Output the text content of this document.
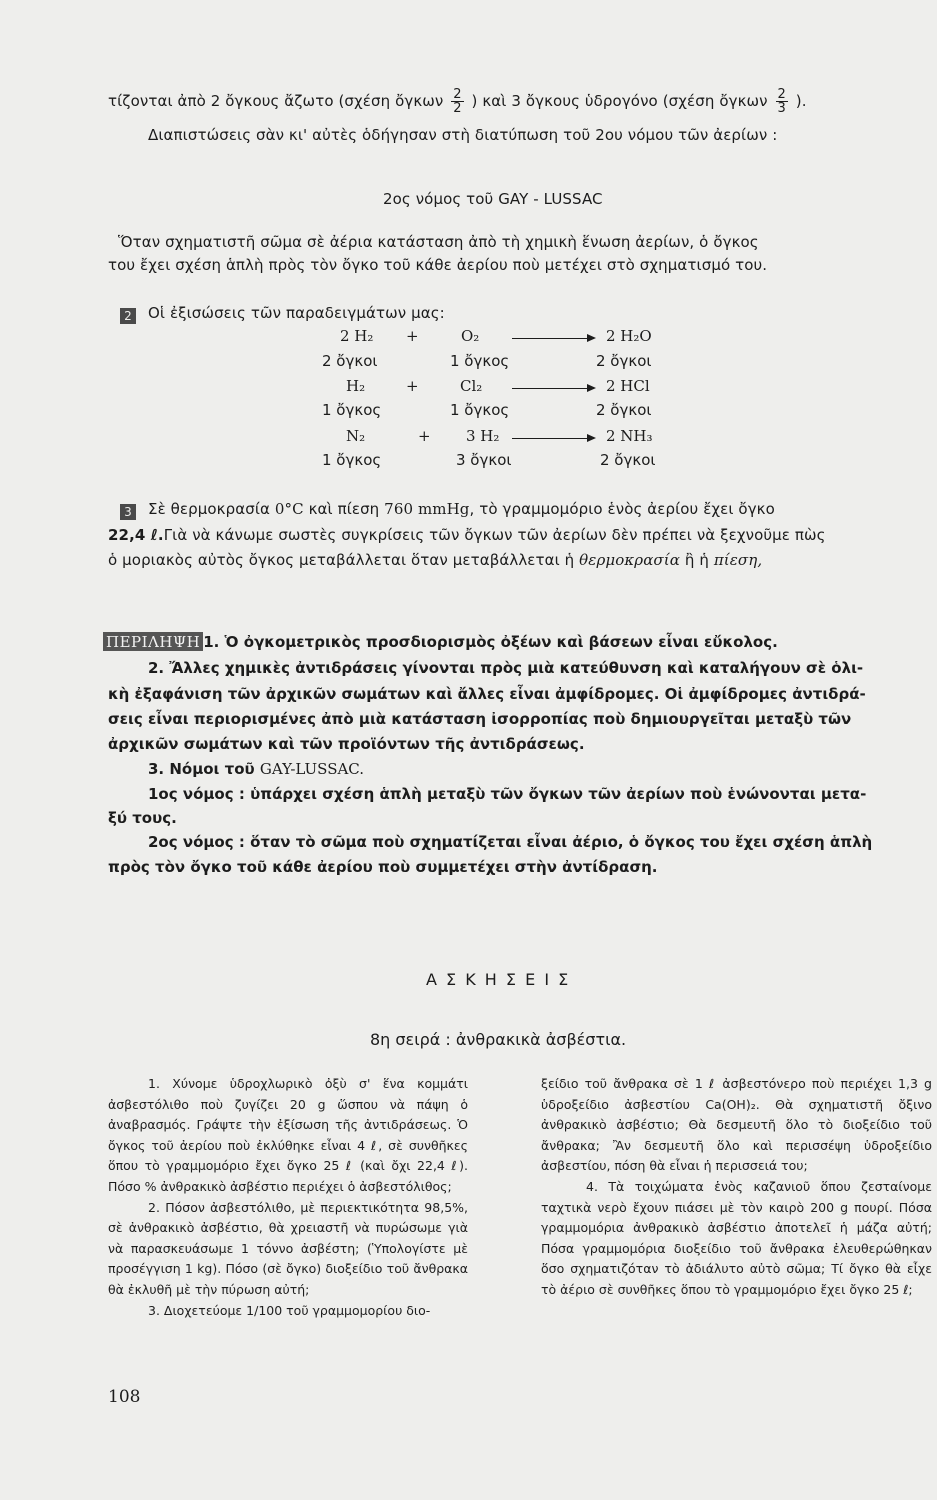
τίζονται ἀπὸ 2 ὄγκους ἄζωτο (σχέση ὄγκων $\frac{2}{2}$ ) καὶ 3 ὄγκους ὑδρογόνο (σχέση ὄγκων $\frac{2}{3}$ ).
Διαπιστώσεις σὰν κι' αὐτὲς ὁδήγησαν στὴ διατύπωση τοῦ 2ου νόμου τῶν ἀερίων :
2ος νόμος τοῦ GAY - LUSSAC
Ὅταν σχηματιστῆ σῶμα σὲ ἀέρια κατάσταση ἀπὸ τὴ χημικὴ ἕνωση ἀερίων, ὁ ὄγκος
του ἔχει σχέση ἁπλὴ πρὸς τὸν ὄγκο τοῦ κάθε ἀερίου ποὺ μετέχει στὸ σχηματισμό του.
2 Οἱ ἐξισώσεις τῶν παραδειγμάτων μας:
2 H₂ +	O₂	2 H₂O
2 ὄγκοι	1 ὄγκος	2 ὄγκοι
H₂	+	Cl₂	2 HCl
1 ὄγκος	1 ὄγκος	2 ὄγκοι
N₂	+ 3 H₂	2 NH₃
1 ὄγκος	3 ὄγκοι	2 ὄγκοι
3 Σὲ θερμοκρασία 0°C καὶ πίεση 760 mmHg, τὸ γραμμομόριο ἑνὸς ἀερίου ἔχει ὄγκο
22,4 ℓ.Γιὰ νὰ κάνωμε σωστὲς συγκρίσεις τῶν ὄγκων τῶν ἀερίων δὲν πρέπει νὰ ξεχνοῦμε πὼς
ὁ μοριακὸς αὐτὸς ὄγκος μεταβάλλεται ὅταν μεταβάλλεται ἡ θερμοκρασία ἢ ἡ πίεση,
ΠΕΡΙΛΗΨΗ 1. Ὁ ὀγκομετρικὸς προσδιορισμὸς ὀξέων καὶ βάσεων εἶναι εὔκολος.
2. Ἄλλες χημικὲς ἀντιδράσεις γίνονται πρὸς μιὰ κατεύθυνση καὶ καταλήγουν σὲ ὁλι-
κὴ ἐξαφάνιση τῶν ἀρχικῶν σωμάτων καὶ ἄλλες εἶναι ἀμφίδρομες. Οἱ ἀμφίδρομες ἀντιδρά-
σεις εἶναι περιορισμένες ἀπὸ μιὰ κατάσταση ἰσορροπίας ποὺ δημιουργεῖται μεταξὺ τῶν
ἀρχικῶν σωμάτων καὶ τῶν προϊόντων τῆς ἀντιδράσεως.
3. Νόμοι τοῦ GAY-LUSSAC.
1ος νόμος : ὑπάρχει σχέση ἁπλὴ μεταξὺ τῶν ὄγκων τῶν ἀερίων ποὺ ἑνώνονται μετα-
ξύ τους.
2ος νόμος : ὅταν τὸ σῶμα ποὺ σχηματίζεται εἶναι ἀέριο, ὁ ὄγκος του ἔχει σχέση ἁπλὴ
πρὸς τὸν ὄγκο τοῦ κάθε ἀερίου ποὺ συμμετέχει στὴν ἀντίδραση.
Α Σ Κ Η Σ Ε Ι Σ
8η σειρά : ἀνθρακικὰ ἀσβέστια.

1. Χύνομε ὑδροχλωρικὸ ὀξὺ σ' ἕνα κομμάτι ἀσβεστόλιθο ποὺ ζυγίζει 20 g ὥσπου νὰ πάψη ὁ ἀναβρασμός. Γράψτε τὴν ἐξίσωση τῆς ἀντιδράσεως. Ὁ ὄγκος τοῦ ἀερίου ποὺ ἐκλύθηκε εἶναι 4 ℓ, σὲ συνθῆκες ὅπου τὸ γραμμομόριο ἔχει ὄγκο 25 ℓ (καὶ ὄχι 22,4 ℓ). Πόσο % ἀνθρακικὸ ἀσβέστιο περιέχει ὁ ἀσβεστόλιθος;

2. Πόσον ἀσβεστόλιθο, μὲ περιεκτικότητα 98,5%, σὲ ἀνθρακικὸ ἀσβέστιο, θὰ χρειαστῆ νὰ πυρώσωμε γιὰ νὰ παρασκευάσωμε 1 τόννο ἀσβέστη; (Ὑπολογίστε μὲ προσέγγιση 1 kg). Πόσο (σὲ ὄγκο) διοξείδιο τοῦ ἄνθρακα θὰ ἐκλυθῆ μὲ τὴν πύρωση αὐτή;

3. Διοχετεύομε 1/100 τοῦ γραμμομορίου διο-

ξείδιο τοῦ ἄνθρακα σὲ 1 ℓ ἀσβεστόνερο ποὺ περιέχει 1,3 g ὑδροξείδιο ἀσβεστίου Ca(OH)₂. Θὰ σχηματιστῆ ὄξινο ἀνθρακικὸ ἀσβέστιο; Θὰ δεσμευτῆ ὅλο τὸ διοξείδιο τοῦ ἄνθρακα; Ἂν δεσμευτῆ ὅλο καὶ περισσέψη ὑδροξείδιο ἀσβεστίου, πόση θὰ εἶναι ἡ περισσειά του;

4. Τὰ τοιχώματα ἑνὸς καζανιοῦ ὅπου ζεσταίνομε ταχτικὰ νερὸ ἔχουν πιάσει μὲ τὸν καιρὸ 200 g πουρί. Πόσα γραμμομόρια ἀνθρακικὸ ἀσβέστιο ἀποτελεῖ ἡ μάζα αὐτή; Πόσα γραμμομόρια διοξείδιο τοῦ ἄνθρακα ἐλευθερώθηκαν ὅσο σχηματιζόταν τὸ ἀδιάλυτο αὐτὸ σῶμα; Τί ὄγκο θὰ εἶχε τὸ ἀέριο σὲ συνθῆκες ὅπου τὸ γραμμομόριο ἔχει ὄγκο 25 ℓ;

108
